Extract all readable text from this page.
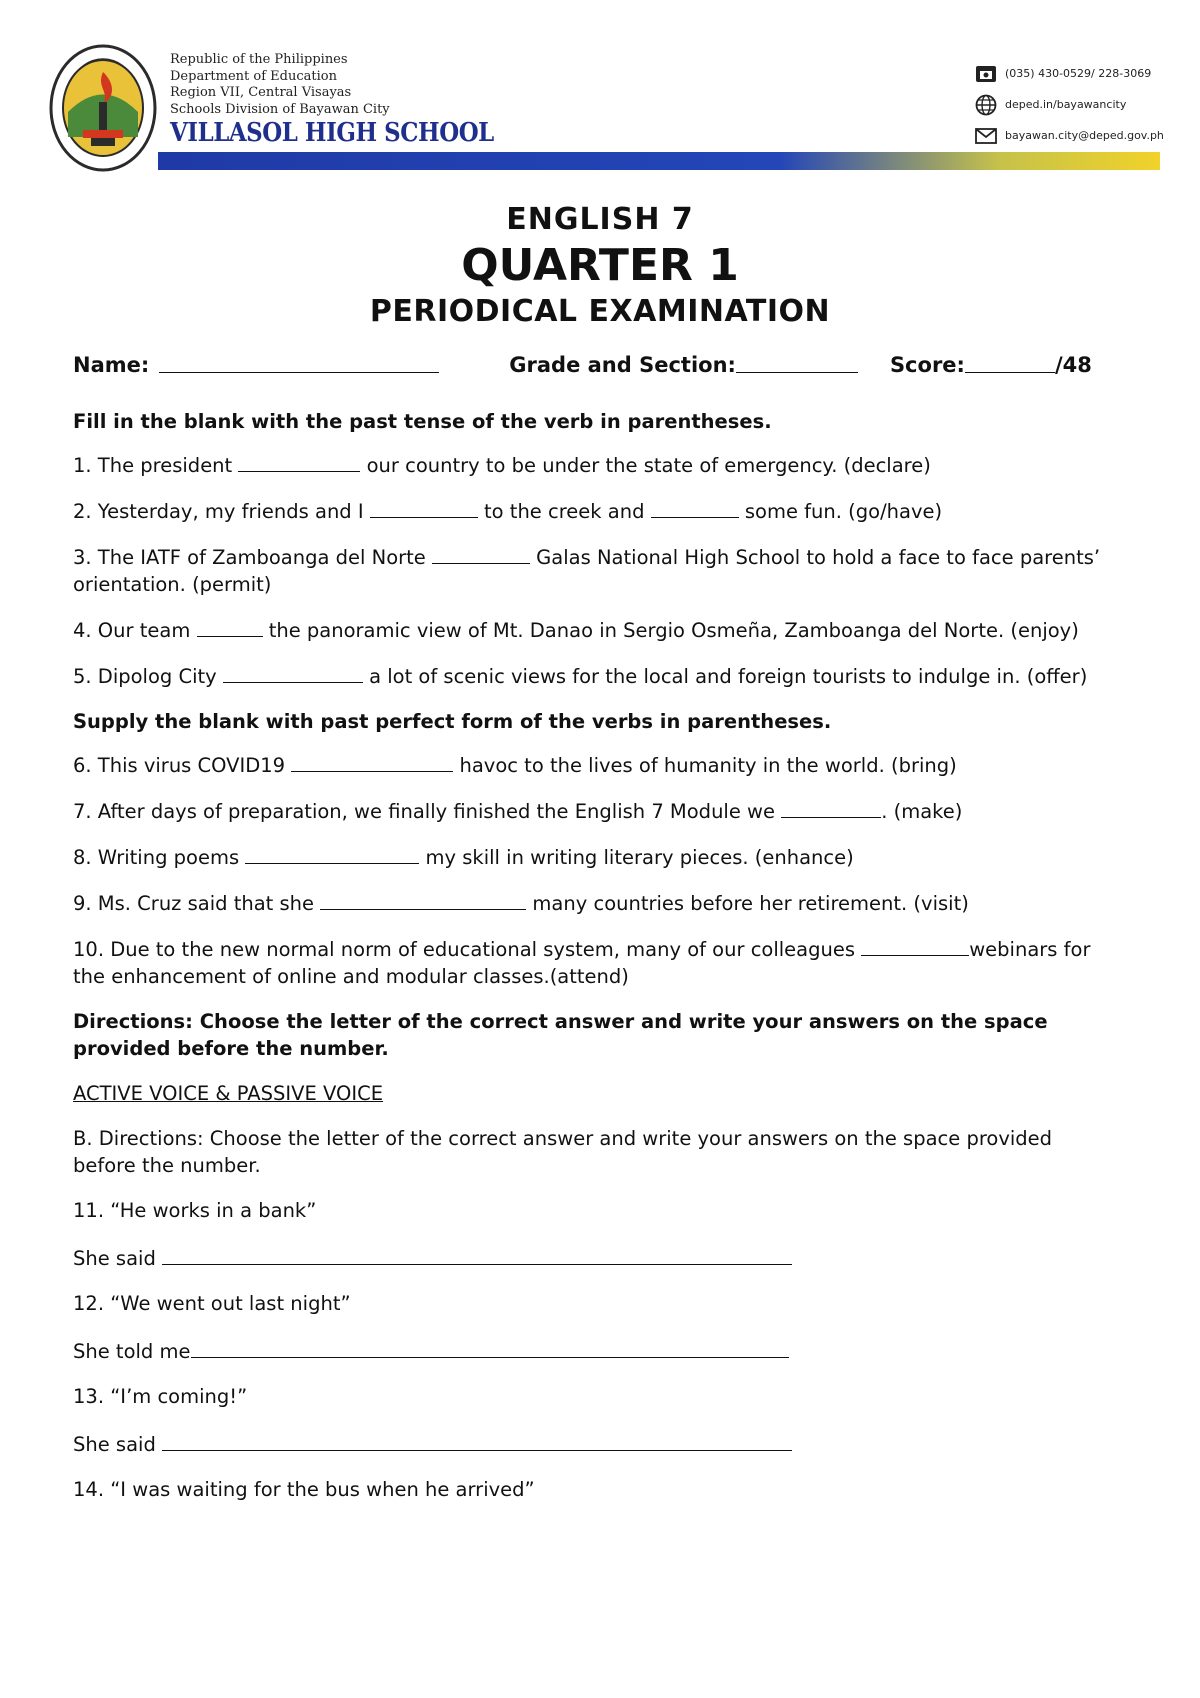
Republic of the Philippines
Department of Education
Region VII, Central Visayas
Schools Division of Bayawan City
VILLASOL HIGH SCHOOL
(035) 430-0529/ 228-3069
deped.in/bayawancity
bayawan.city@deped.gov.ph
ENGLISH 7
QUARTER 1
PERIODICAL EXAMINATION
Name:	Grade and Section:	Score:	/48

Fill in the blank with the past tense of the verb in parentheses.

1. The president	our country to be under the state of emergency. (declare)

2. Yesterday, my friends and I	to the creek and	some fun. (go/have)

3. The IATF of Zamboanga del Norte	Galas National High School to hold a face to face parents’ orientation. (permit)

4. Our team	the panoramic view of Mt. Danao in Sergio Osmeña, Zamboanga del Norte. (enjoy)

5. Dipolog City	a lot of scenic views for the local and foreign tourists to indulge in. (offer)

Supply the blank with past perfect form of the verbs in parentheses.

6. This virus COVID19	havoc to the lives of humanity in the world. (bring)

7. After days of preparation, we finally finished the English 7 Module we	. (make)

8. Writing poems	my skill in writing literary pieces. (enhance)

9. Ms. Cruz said that she	many countries before her retirement. (visit)

10. Due to the new normal norm of educational system, many of our colleagues	webinars for the enhancement of online and modular classes.(attend)

Directions: Choose the letter of the correct answer and write your answers on the space provided before the number.

ACTIVE VOICE & PASSIVE VOICE

B. Directions: Choose the letter of the correct answer and write your answers on the space provided before the number.

11. “He works in a bank”

She said

12. “We went out last night”

She told me

13. “I’m coming!”

She said

14. “I was waiting for the bus when he arrived”
